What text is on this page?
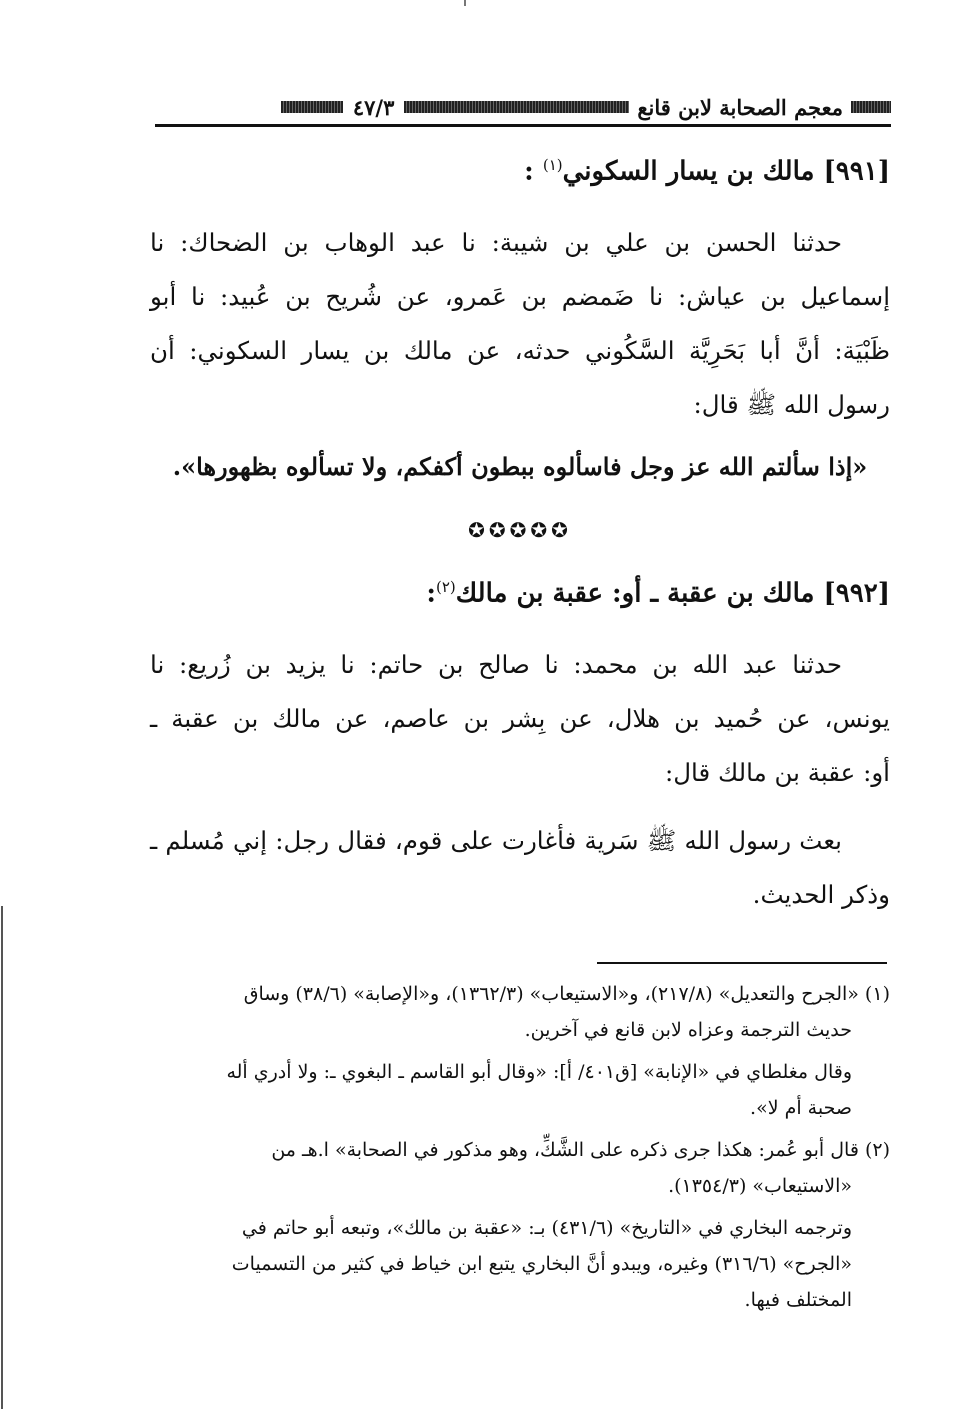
معجم الصحابة لابن قانع
٤٧/٣
[٩٩١] مالك بن يسار السكوني$^{(١)}$ :

حدثنا الحسن بن علي بن شيبة: نا عبد الوهاب بن الضحاك: نا

إسماعيل بن عياش: نا ضَمضم بن عَمرو، عن شُريح بن عُبيد: نا أبو

ظَبْيَة: أنَّ أبا بَحَرِيَّة السَّكُوني حدثه، عن مالك بن يسار السكوني: أن

رسول الله ﷺ قال:

«إذا سألتم الله عز وجل فاسألوه ببطون أكفكم، ولا تسألوه بظهورها».
✪✪✪✪✪
[٩٩٢] مالك بن عقبة ـ أو: عقبة بن مالك$^{(٢)}$:

حدثنا عبد الله بن محمد: نا صالح بن حاتم: نا يزيد بن زُريع: نا

يونس، عن حُميد بن هلال، عن بِشر بن عاصم، عن مالك بن عقبة ـ

أو: عقبة بن مالك قال:

بعث رسول الله ﷺ سَرية فأغارت على قوم، فقال رجل: إني مُسلم ـ

وذكر الحديث.

(١) «الجرح والتعديل» (٢١٧/٨)، و«الاستيعاب» (١٣٦٢/٣)، و«الإصابة» (٣٨/٦) وساق

حديث الترجمة وعزاه لابن قانع في آخرين.

وقال مغلطاي في «الإنابة» [ق٤٠١/ أ]: «وقال أبو القاسم ـ البغوي ـ: ولا أدري أله

صحبة أم لا».

(٢) قال أبو عُمر: هكذا جرى ذكره على الشَّكِّ، وهو مذكور في الصحابة» ا.هـ من

«الاستيعاب» (١٣٥٤/٣).

وترجمه البخاري في «التاريخ» (٤٣١/٦) بـ: «عقبة بن مالك»، وتبعه أبو حاتم في

«الجرح» (٣١٦/٦) وغيره، ويبدو أنَّ البخاري يتبع ابن خياط في كثير من التسميات

المختلف فيها.
